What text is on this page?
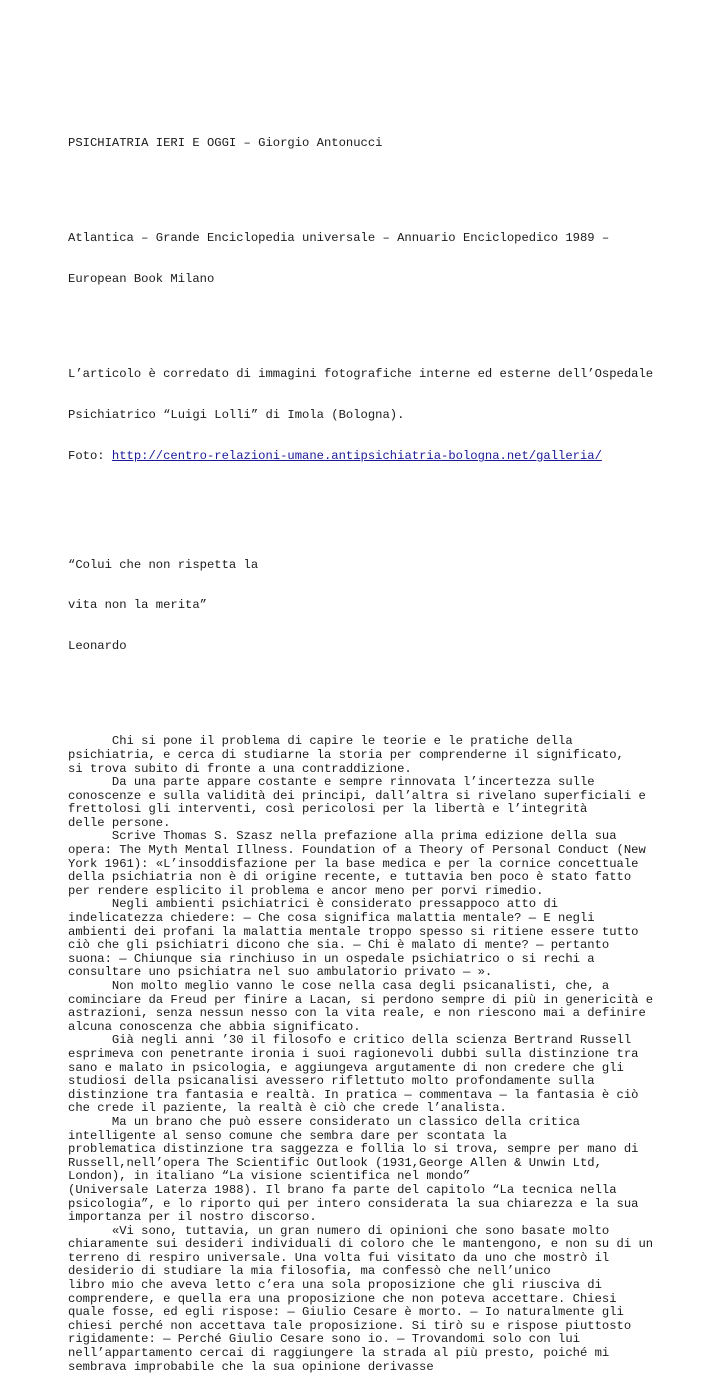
PSICHIATRIA IERI E OGGI – Giorgio Antonucci

Atlantica – Grande Enciclopedia universale – Annuario Enciclopedico 1989 –

European Book Milano

L’articolo è corredato di immagini fotografiche interne ed esterne dell’Ospedale

Psichiatrico “Luigi Lolli” di Imola (Bologna).

Foto: http://centro-relazioni-umane.antipsichiatria-bologna.net/galleria/

“Colui che non rispetta la

vita non la merita”

Leonardo

Chi si pone il problema di capire le teorie e le pratiche della
psichiatria, e cerca di studiarne la storia per comprenderne il significato,
si trova subito di fronte a una contraddizione.
Da una parte appare costante e sempre rinnovata l’incertezza sulle
conoscenze e sulla validità dei principi, dall’altra si rivelano superficiali e
frettolosi gli interventi, così pericolosi per la libertà e l’integrità
delle persone.
Scrive Thomas S. Szasz nella prefazione alla prima edizione della sua
opera: The Myth Mental Illness. Foundation of a Theory of Personal Conduct (New
York 1961): «L’insoddisfazione per la base medica e per la cornice concettuale
della psichiatria non è di origine recente, e tuttavia ben poco è stato fatto
per rendere esplicito il problema e ancor meno per porvi rimedio.
Negli ambienti psichiatrici è considerato pressappoco atto di
indelicatezza chiedere: — Che cosa significa malattia mentale? — E negli
ambienti dei profani la malattia mentale troppo spesso si ritiene essere tutto
ciò che gli psichiatri dicono che sia. — Chi è malato di mente? — pertanto
suona: — Chiunque sia rinchiuso in un ospedale psichiatrico o si rechi a
consultare uno psichiatra nel suo ambulatorio privato — ».
Non molto meglio vanno le cose nella casa degli psicanalisti, che, a
cominciare da Freud per finire a Lacan, si perdono sempre di più in genericità e
astrazioni, senza nessun nesso con la vita reale, e non riescono mai a definire
alcuna conoscenza che abbia significato.
Già negli anni ’30 il filosofo e critico della scienza Bertrand Russell
esprimeva con penetrante ironia i suoi ragionevoli dubbi sulla distinzione tra
sano e malato in psicologia, e aggiungeva argutamente di non credere che gli
studiosi della psicanalisi avessero riflettuto molto profondamente sulla
distinzione tra fantasia e realtà. In pratica — commentava — la fantasia è ciò
che crede il paziente, la realtà è ciò che crede l’analista.
Ma un brano che può essere considerato un classico della critica
intelligente al senso comune che sembra dare per scontata la
problematica distinzione tra saggezza e follia lo si trova, sempre per mano di
Russell,nell’opera The Scientific Outlook (1931,George Allen & Unwin Ltd,
London), in italiano “La visione scientifica nel mondo”
(Universale Laterza 1988). Il brano fa parte del capitolo “La tecnica nella
psicologia”, e lo riporto qui per intero considerata la sua chiarezza e la sua
importanza per il nostro discorso.
«Vi sono, tuttavia, un gran numero di opinioni che sono basate molto
chiaramente sui desideri individuali di coloro che le mantengono, e non su di un
terreno di respiro universale. Una volta fui visitato da uno che mostrò il
desiderio di studiare la mia filosofia, ma confessò che nell’unico
libro mio che aveva letto c’era una sola proposizione che gli riusciva di
comprendere, e quella era una proposizione che non poteva accettare. Chiesi
quale fosse, ed egli rispose: — Giulio Cesare è morto. — Io naturalmente gli
chiesi perché non accettava tale proposizione. Si tirò su e rispose piuttosto
rigidamente: — Perché Giulio Cesare sono io. — Trovandomi solo con lui
nell’appartamento cercai di raggiungere la strada al più presto, poiché mi
sembrava improbabile che la sua opinione derivasse
